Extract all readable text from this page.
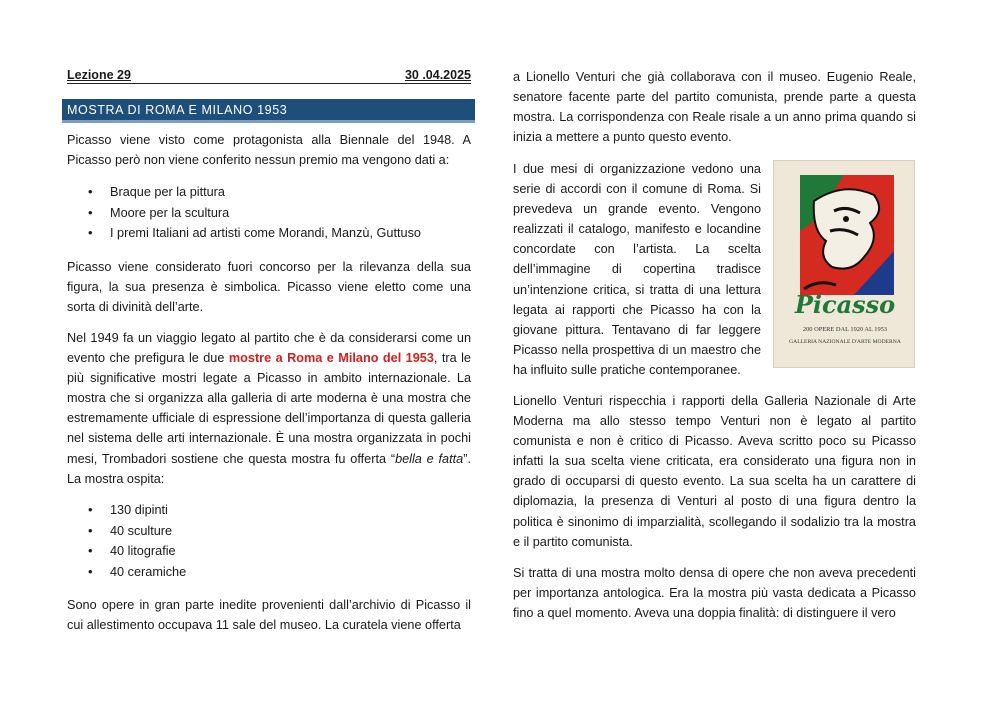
Lezione 29	30 .04.2025
MOSTRA DI ROMA E MILANO 1953

Picasso viene visto come protagonista alla Biennale del 1948. A Picasso però non viene conferito nessun premio ma vengono dati a:

• Braque per la pittura
• Moore per la scultura
• I premi Italiani ad artisti come Morandi, Manzù, Guttuso

Picasso viene considerato fuori concorso per la rilevanza della sua figura, la sua presenza è simbolica. Picasso viene eletto come una sorta di divinità dell’arte.

Nel 1949 fa un viaggio legato al partito che è da considerarsi come un evento che prefigura le due mostre a Roma e Milano del 1953, tra le più significative mostri legate a Picasso in ambito internazionale. La mostra che si organizza alla galleria di arte moderna è una mostra che estremamente ufficiale di espressione dell’importanza di questa galleria nel sistema delle arti internazionale. È una mostra organizzata in pochi mesi, Trombadori sostiene che questa mostra fu offerta “bella e fatta”. La mostra ospita:

• 130 dipinti
• 40 sculture
• 40 litografie
• 40 ceramiche

Sono opere in gran parte inedite provenienti dall’archivio di Picasso il cui allestimento occupava 11 sale del museo. La curatela viene offerta

a Lionello Venturi che già collaborava con il museo. Eugenio Reale, senatore facente parte del partito comunista, prende parte a questa mostra. La corrispondenza con Reale risale a un anno prima quando si inizia a mettere a punto questo evento.

I due mesi di organizzazione vedono una serie di accordi con il comune di Roma. Si prevedeva un grande evento. Vengono realizzati il catalogo, manifesto e locandine concordate con l’artista. La scelta dell’immagine di copertina tradisce un’intenzione critica, si tratta di una lettura legata ai rapporti che Picasso ha con la giovane pittura. Tentavano di far leggere Picasso nella prospettiva di un maestro che ha influito sulle pratiche contemporanee.

Picasso
200 OPERE DAL 1920 AL 1953
GALLERIA NAZIONALE D'ARTE MODERNA

Lionello Venturi rispecchia i rapporti della Galleria Nazionale di Arte Moderna ma allo stesso tempo Venturi non è legato al partito comunista e non è critico di Picasso. Aveva scritto poco su Picasso infatti la sua scelta viene criticata, era considerato una figura non in grado di occuparsi di questo evento. La sua scelta ha un carattere di diplomazia, la presenza di Venturi al posto di una figura dentro la politica è sinonimo di imparzialità, scollegando il sodalizio tra la mostra e il partito comunista.

Si tratta di una mostra molto densa di opere che non aveva precedenti per importanza antologica. Era la mostra più vasta dedicata a Picasso fino a quel momento. Aveva una doppia finalità: di distinguere il vero
